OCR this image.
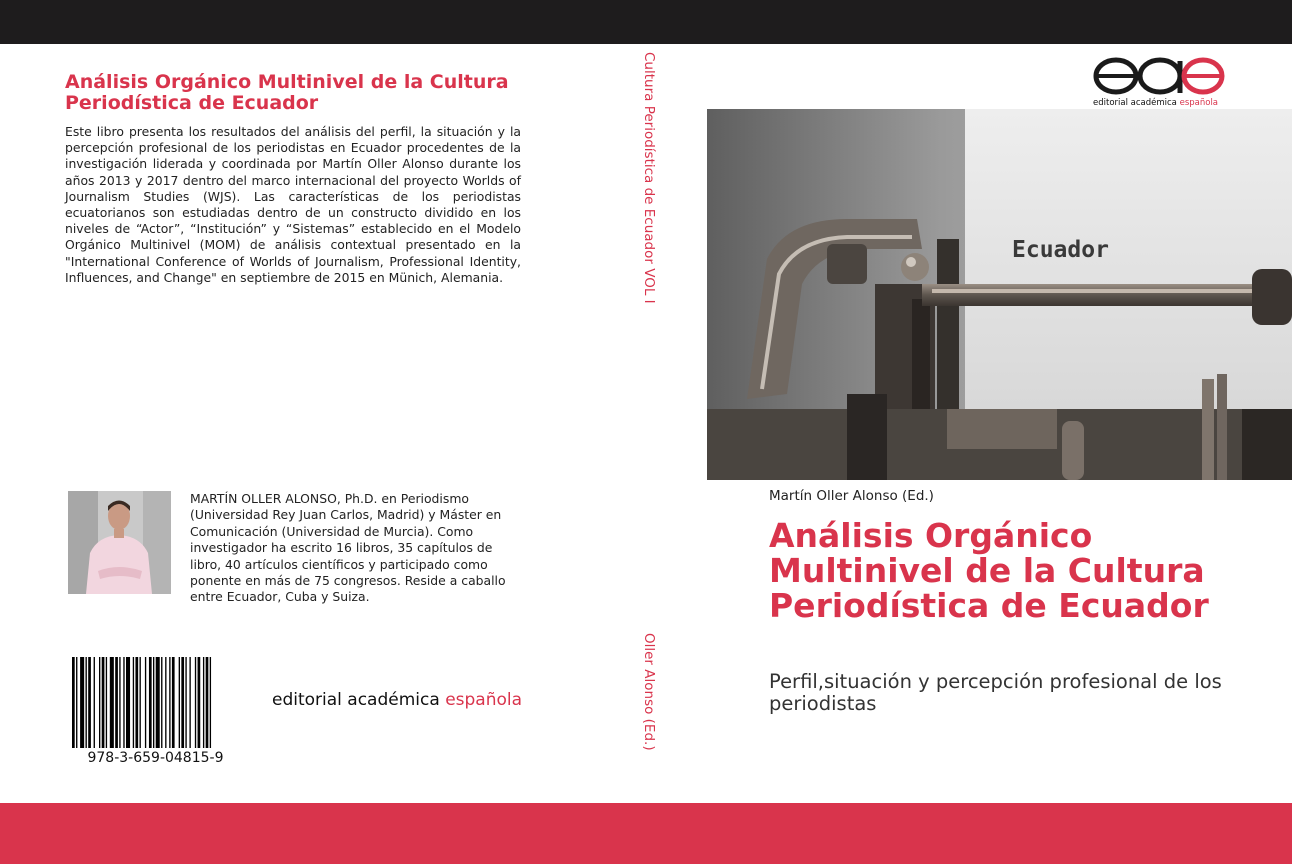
Análisis Orgánico Multinivel de la Cultura Periodística de Ecuador
Este libro presenta los resultados del análisis del perfil, la situación y la percepción profesional de los periodistas en Ecuador procedentes de la investigación liderada y coordinada por Martín Oller Alonso durante los años 2013 y 2017 dentro del marco internacional del proyecto Worlds of Journalism Studies (WJS). Las características de los periodistas ecuatorianos son estudiadas dentro de un constructo dividido en los niveles de “Actor”, “Institución” y “Sistemas” establecido en el Modelo Orgánico Multinivel (MOM) de análisis contextual presentado en la "International Conference of Worlds of Journalism, Professional Identity, Influences, and Change" en septiembre de 2015 en Münich, Alemania.
MARTÍN OLLER ALONSO, Ph.D. en Periodismo (Universidad Rey Juan Carlos, Madrid) y Máster en Comunicación (Universidad de Murcia). Como investigador ha escrito 16 libros, 35 capítulos de libro, 40 artículos científicos y participado como ponente en más de 75 congresos. Reside a caballo entre Ecuador, Cuba y Suiza.
978-3-659-04815-9
editorial académica española
Cultura Periodística de Ecuador VOL I
Oller Alonso (Ed.)
editorial académica española
Ecuador
Martín Oller Alonso (Ed.)
Análisis Orgánico Multinivel de la Cultura Periodística de Ecuador
Perfil,situación y percepción profesional de los periodistas
